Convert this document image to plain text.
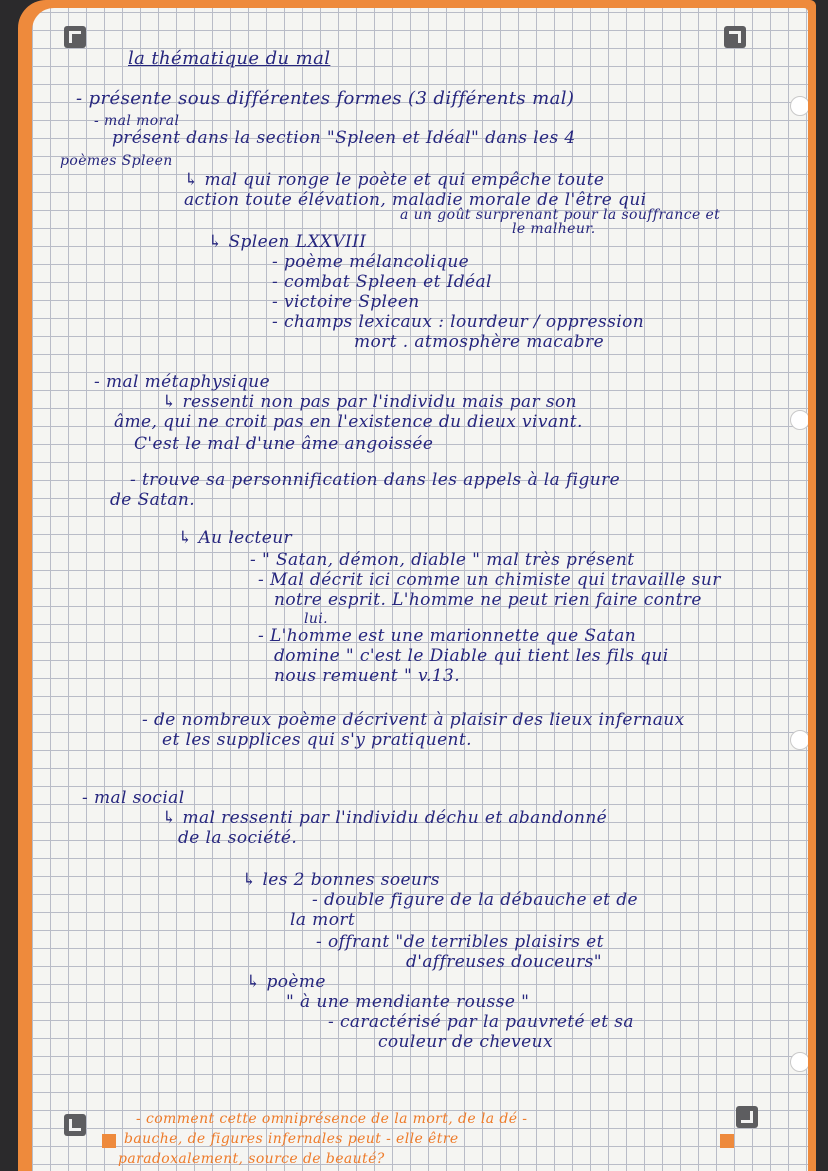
la thématique du mal
- présente sous différentes formes (3 différents mal)
- mal moral
présent dans la section "Spleen et Idéal" dans les 4
poèmes Spleen
↳ mal qui ronge le poète et qui empêche toute
action toute élévation, maladie morale de l'être qui
a un goût surprenant pour la souffrance et
le malheur.
↳ Spleen LXXVIII
- poème mélancolique
- combat Spleen et Idéal
- victoire Spleen
- champs lexicaux : lourdeur / oppression
mort . atmosphère macabre
- mal métaphysique
↳ ressenti non pas par l'individu mais par son
âme, qui ne croit pas en l'existence du dieux vivant.
C'est le mal d'une âme angoissée
- trouve sa personnification dans les appels à la figure
de Satan.
↳ Au lecteur
- " Satan, démon, diable " mal très présent
- Mal décrit ici comme un chimiste qui travaille sur
notre esprit. L'homme ne peut rien faire contre
lui.
- L'homme est une marionnette que Satan
domine " c'est le Diable qui tient les fils qui
nous remuent " v.13.
- de nombreux poème décrivent à plaisir des lieux infernaux
et les supplices qui s'y pratiquent.
- mal social
↳ mal ressenti par l'individu déchu et abandonné
de la société.
↳ les 2 bonnes soeurs
- double figure de la débauche et de
la mort
- offrant "de terribles plaisirs et
d'affreuses douceurs"
↳ poème
" à une mendiante rousse "
- caractérisé par la pauvreté et sa
couleur de cheveux
- comment cette omniprésence de la mort, de la dé -
bauche, de figures infernales peut - elle être
paradoxalement, source de beauté?
